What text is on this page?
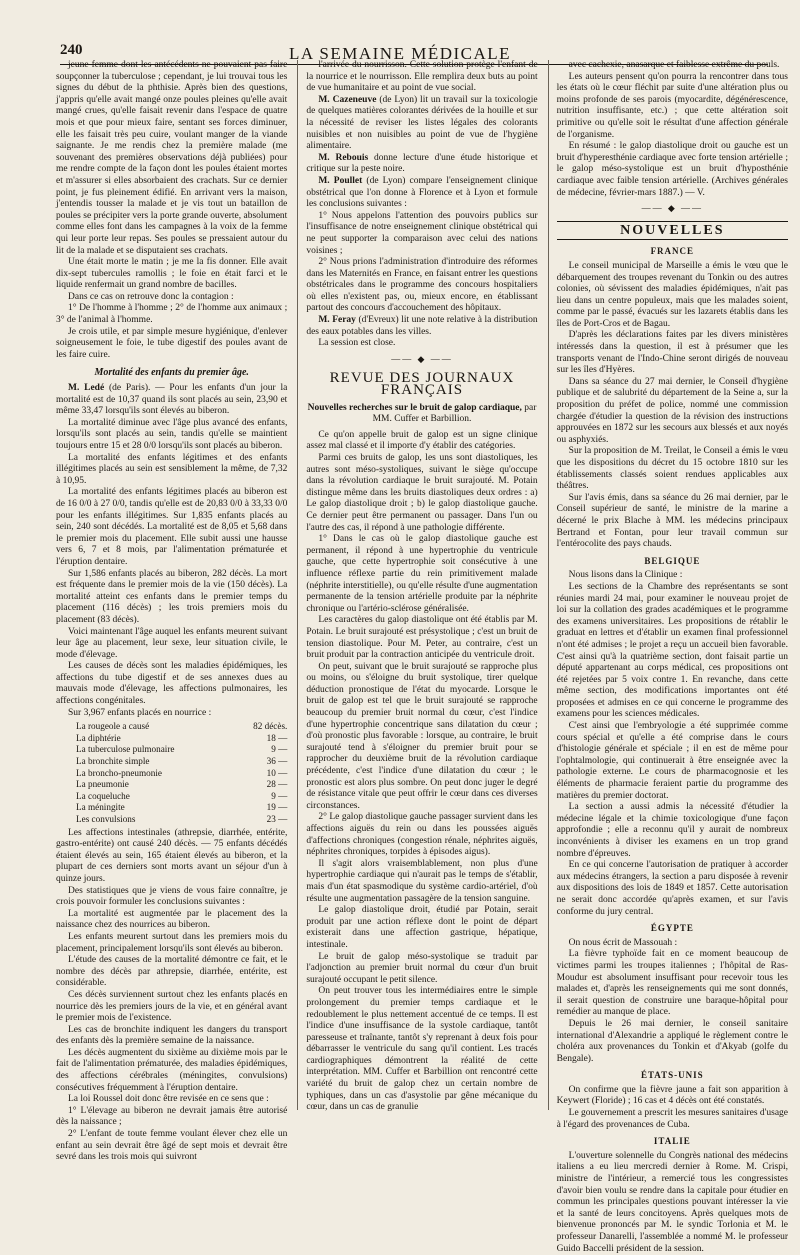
240	LA SEMAINE MÉDICALE

jeune femme dont les antécédents ne pouvaient pas faire soupçonner la tuberculose ; cependant, je lui trouvai tous les signes du début de la phthisie. Après bien des questions, j'appris qu'elle avait mangé onze poules pleines qu'elle avait mangé crues, qu'elle faisait revenir dans l'espace de quatre mois et que pour mieux faire, sentant ses forces diminuer, elle les faisait très peu cuire, voulant manger de la viande saignante. Je me rendis chez la première malade (me souvenant des premières observations déjà publiées) pour me rendre compte de la façon dont les poules étaient mortes et m'assurer si elles absorbaient des crachats. Sur ce dernier point, je fus pleinement édifié. En arrivant vers la maison, j'entendis tousser la malade et je vis tout un bataillon de poules se précipiter vers la porte grande ouverte, absolument comme elles font dans les campagnes à la voix de la femme qui leur porte leur repas. Ses poules se pressaient autour du lit de la malade et se disputaient ses crachats.

Une était morte le matin ; je me la fis donner. Elle avait dix-sept tubercules ramollis ; le foie en était farci et le liquide renfermait un grand nombre de bacilles.

Dans ce cas on retrouve donc la contagion :

1° De l'homme à l'homme ; 2° de l'homme aux animaux ; 3° de l'animal à l'homme.

Je crois utile, et par simple mesure hygiénique, d'enlever soigneusement le foie, le tube digestif des poules avant de les faire cuire.

Mortalité des enfants du premier âge.

M. Ledé (de Paris). — Pour les enfants d'un jour la mortalité est de 10,37 quand ils sont placés au sein, 23,90 et même 33,47 lorsqu'ils sont élevés au biberon.

La mortalité diminue avec l'âge plus avancé des enfants, lorsqu'ils sont placés au sein, tandis qu'elle se maintient toujours entre 15 et 28 0/0 lorsqu'ils sont placés au biberon.

La mortalité des enfants légitimes et des enfants illégitimes placés au sein est sensiblement la même, de 7,32 à 10,95.

La mortalité des enfants légitimes placés au biberon est de 16 0/0 à 27 0/0, tandis qu'elle est de 20,83 0/0 à 33,33 0/0 pour les enfants illégitimes. Sur 1,835 enfants placés au sein, 240 sont décédés. La mortalité est de 8,05 et 5,68 dans le premier mois du placement. Elle subit aussi une hausse vers 6, 7 et 8 mois, par l'alimentation prématurée et l'éruption dentaire.

Sur 1,586 enfants placés au biberon, 282 décès. La mort est fréquente dans le premier mois de la vie (150 décès). La mortalité atteint ces enfants dans le premier temps du placement (116 décès) ; les trois premiers mois du placement (83 décès).

Voici maintenant l'âge auquel les enfants meurent suivant leur âge au placement, leur sexe, leur situation civile, le mode d'élevage.

Les causes de décès sont les maladies épidémiques, les affections du tube digestif et de ses annexes dues au mauvais mode d'élevage, les affections pulmonaires, les affections congénitales.

Sur 3,967 enfants placés en nourrice :

La rougeole a causé	82 décès.
La diphtérie	18 —
La tuberculose pulmonaire	9 —
La bronchite simple	36 —
La broncho-pneumonie	10 —
La pneumonie	28 —
La coqueluche	9 —
La méningite	19 —
Les convulsions	23 —

Les affections intestinales (athrepsie, diarrhée, entérite, gastro-entérite) ont causé 240 décès. — 75 enfants décédés étaient élevés au sein, 165 étaient élevés au biberon, et la plupart de ces derniers sont morts avant un séjour d'un à quinze jours.

Des statistiques que je viens de vous faire connaître, je crois pouvoir formuler les conclusions suivantes :

La mortalité est augmentée par le placement des la naissance chez des nourrices au biberon.

Les enfants meurent surtout dans les premiers mois du placement, principalement lorsqu'ils sont élevés au biberon.

L'étude des causes de la mortalité démontre ce fait, et le nombre des décès par athrepsie, diarrhée, entérite, est considérable.

Ces décès surviennent surtout chez les enfants placés en nourrice dès les premiers jours de la vie, et en général avant le premier mois de l'existence.

Les cas de bronchite indiquent les dangers du transport des enfants dès la première semaine de la naissance.

Les décès augmentent du sixième au dixième mois par le fait de l'alimentation prématurée, des maladies épidémiques, des affections cérébrales (méningites, convulsions) consécutives fréquemment à l'éruption dentaire.

La loi Roussel doit donc être revisée en ce sens que :

1° L'élevage au biberon ne devrait jamais être autorisé dès la naissance ;

2° L'enfant de toute femme voulant élever chez elle un enfant au sein devrait être âgé de sept mois et devrait être sevré dans les trois mois qui suivront

l'arrivée du nourrisson. Cette solution protège l'enfant de la nourrice et le nourrisson. Elle remplira deux buts au point de vue humanitaire et au point de vue social.

M. Cazeneuve (de Lyon) lit un travail sur la toxicologie de quelques matières colorantes dérivées de la houille et sur la nécessité de reviser les listes légales des colorants nuisibles et non nuisibles au point de vue de l'hygiène alimentaire.

M. Rebouis donne lecture d'une étude historique et critique sur la peste noire.

M. Poullet (de Lyon) compare l'enseignement clinique obstétrical que l'on donne à Florence et à Lyon et formule les conclusions suivantes :

1° Nous appelons l'attention des pouvoirs publics sur l'insuffisance de notre enseignement clinique obstétrical qui ne peut supporter la comparaison avec celui des nations voisines ;

2° Nous prions l'administration d'introduire des réformes dans les Maternités en France, en faisant entrer les questions obstétricales dans le programme des concours hospitaliers où elles n'existent pas, ou, mieux encore, en établissant partout des concours d'accouchement des hôpitaux.

M. Feray (d'Evreux) lit une note relative à la distribution des eaux potables dans les villes.

La session est close.

—— ◆ ——

REVUE DES JOURNAUX FRANÇAIS

Nouvelles recherches sur le bruit de galop cardiaque, par MM. Cuffer et Barbillion.

Ce qu'on appelle bruit de galop est un signe clinique assez mal classé et il importe d'y établir des catégories.

Parmi ces bruits de galop, les uns sont diastoliques, les autres sont méso-systoliques, suivant le siège qu'occupe dans la révolution cardiaque le bruit surajouté. M. Potain distingue même dans les bruits diastoliques deux ordres : a) Le galop diastolique droit ; b) le galop diastolique gauche. Ce dernier peut être permanent ou passager. Dans l'un ou l'autre des cas, il répond à une pathologie différente.

1° Dans le cas où le galop diastolique gauche est permanent, il répond à une hypertrophie du ventricule gauche, que cette hypertrophie soit consécutive à une influence réflexe partie du rein primitivement malade (néphrite interstitielle), ou qu'elle résulte d'une augmentation permanente de la tension artérielle produite par la néphrite chronique ou l'artério-sclérose généralisée.

Les caractères du galop diastolique ont été établis par M. Potain. Le bruit surajouté est présystolique ; c'est un bruit de tension diastolique. Pour M. Peter, au contraire, c'est un bruit produit par la contraction anticipée du ventricule droit.

On peut, suivant que le bruit surajouté se rapproche plus ou moins, ou s'éloigne du bruit systolique, tirer quelque déduction pronostique de l'état du myocarde. Lorsque le bruit de galop est tel que le bruit surajouté se rapproche beaucoup du premier bruit normal du cœur, c'est l'indice d'une hypertrophie concentrique sans dilatation du cœur ; d'où pronostic plus favorable : lorsque, au contraire, le bruit surajouté tend à s'éloigner du premier bruit pour se rapprocher du deuxième bruit de la révolution cardiaque précédente, c'est l'indice d'une dilatation du cœur ; le pronostic est alors plus sombre. On peut donc juger le degré de résistance vitale que peut offrir le cœur dans ces diverses circonstances.

2° Le galop diastolique gauche passager survient dans les affections aiguës du rein ou dans les poussées aiguës d'affections chroniques (congestion rénale, néphrites aiguës, néphrites chroniques, torpides à épisodes aigus).

Il s'agit alors vraisemblablement, non plus d'une hypertrophie cardiaque qui n'aurait pas le temps de s'établir, mais d'un état spasmodique du système cardio-artériel, d'où résulte une augmentation passagère de la tension sanguine.

Le galop diastolique droit, étudié par Potain, serait produit par une action réflexe dont le point de départ existerait dans une affection gastrique, hépatique, intestinale.

Le bruit de galop méso-systolique se traduit par l'adjonction au premier bruit normal du cœur d'un bruit surajouté occupant le petit silence.

On peut trouver tous les intermédiaires entre le simple prolongement du premier temps cardiaque et le redoublement le plus nettement accentué de ce temps. Il est l'indice d'une insuffisance de la systole cardiaque, tantôt paresseuse et traînante, tantôt s'y reprenant à deux fois pour débarrasser le ventricule du sang qu'il contient. Les tracés cardiographiques démontrent la réalité de cette interprétation. MM. Cuffer et Barbillion ont rencontré cette variété du bruit de galop chez un certain nombre de typhiques, dans un cas d'asystolie par gêne mécanique du cœur, dans un cas de granulie

avec cachexie, anasarque et faiblesse extrême du pouls.

Les auteurs pensent qu'on pourra la rencontrer dans tous les états où le cœur fléchit par suite d'une altération plus ou moins profonde de ses parois (myocardite, dégénérescence, nutrition insuffisante, etc.) ; que cette altération soit primitive ou qu'elle soit le résultat d'une affection générale de l'organisme.

En résumé : le galop diastolique droit ou gauche est un bruit d'hyperesthénie cardiaque avec forte tension artérielle ; le galop méso-systolique est un bruit d'hyposthénie cardiaque avec faible tension artérielle. (Archives générales de médecine, février-mars 1887.) — V.

—— ◆ ——
NOUVELLES

FRANCE

Le conseil municipal de Marseille a émis le vœu que le débarquement des troupes revenant du Tonkin ou des autres colonies, où sévissent des maladies épidémiques, n'ait pas lieu dans un centre populeux, mais que les malades soient, comme par le passé, évacués sur les lazarets établis dans les îles de Port-Cros et de Bagau.

D'après les déclarations faites par les divers ministères intéressés dans la question, il est à présumer que les transports venant de l'Indo-Chine seront dirigés de nouveau sur les îles d'Hyères.

Dans sa séance du 27 mai dernier, le Conseil d'hygiène publique et de salubrité du département de la Seine a, sur la proposition du préfet de police, nommé une commission chargée d'étudier la question de la révision des instructions approuvées en 1872 sur les secours aux blessés et aux noyés ou asphyxiés.

Sur la proposition de M. Treilat, le Conseil a émis le vœu que les dispositions du décret du 15 octobre 1810 sur les établissements classés soient rendues applicables aux théâtres.

Sur l'avis émis, dans sa séance du 26 mai dernier, par le Conseil supérieur de santé, le ministre de la marine a décerné le prix Blache à MM. les médecins principaux Bertrand et Fontan, pour leur travail commun sur l'entérocolite des pays chauds.

BELGIQUE

Nous lisons dans la Clinique :

Les sections de la Chambre des représentants se sont réunies mardi 24 mai, pour examiner le nouveau projet de loi sur la collation des grades académiques et le programme des examens universitaires. Les propositions de rétablir le graduat en lettres et d'établir un examen final professionnel n'ont été admises ; le projet a reçu un accueil bien favorable. C'est ainsi qu'à la quatrième section, dont faisait partie un député appartenant au corps médical, ces propositions ont été rejetées par 5 voix contre 1. En revanche, dans cette même section, des modifications importantes ont été proposées et admises en ce qui concerne le programme des examens pour les sciences médicales.

C'est ainsi que l'embryologie a été supprimée comme cours spécial et qu'elle a été comprise dans le cours d'histologie générale et spéciale ; il en est de même pour l'ophtalmologie, qui continuerait à être enseignée avec la pathologie externe. Le cours de pharmacognosie et les éléments de pharmacie feraient partie du programme des matières du premier doctorat.

La section a aussi admis la nécessité d'étudier la médecine légale et la chimie toxicologique d'une façon approfondie ; elle a reconnu qu'il y aurait de nombreux inconvénients à diviser les examens en un trop grand nombre d'épreuves.

En ce qui concerne l'autorisation de pratiquer à accorder aux médecins étrangers, la section a paru disposée à revenir aux dispositions des lois de 1849 et 1857. Cette autorisation ne serait donc accordée qu'après examen, et sur l'avis conforme du jury central.

ÉGYPTE

On nous écrit de Massouah :

La fièvre typhoïde fait en ce moment beaucoup de victimes parmi les troupes italiennes ; l'hôpital de Ras-Moudur est absolument insuffisant pour recevoir tous les malades et, d'après les renseignements qui me sont donnés, il serait question de construire une baraque-hôpital pour remédier au manque de place.

Depuis le 26 mai dernier, le conseil sanitaire international d'Alexandrie a appliqué le règlement contre le choléra aux provenances du Tonkin et d'Akyab (golfe du Bengale).

ÉTATS-UNIS

On confirme que la fièvre jaune a fait son apparition à Keywert (Floride) ; 16 cas et 4 décès ont été constatés.

Le gouvernement a prescrit les mesures sanitaires d'usage à l'égard des provenances de Cuba.

ITALIE

L'ouverture solennelle du Congrès national des médecins italiens a eu lieu mercredi dernier à Rome. M. Crispi, ministre de l'intérieur, a remercié tous les congressistes d'avoir bien voulu se rendre dans la capitale pour étudier en commun les principales questions pouvant intéresser la vie et la santé de leurs concitoyens. Après quelques mots de bienvenue prononcés par M. le syndic Torlonia et M. le professeur Danarelli, l'assemblée a nommé M. le professeur Guido Baccelli président de la session.
